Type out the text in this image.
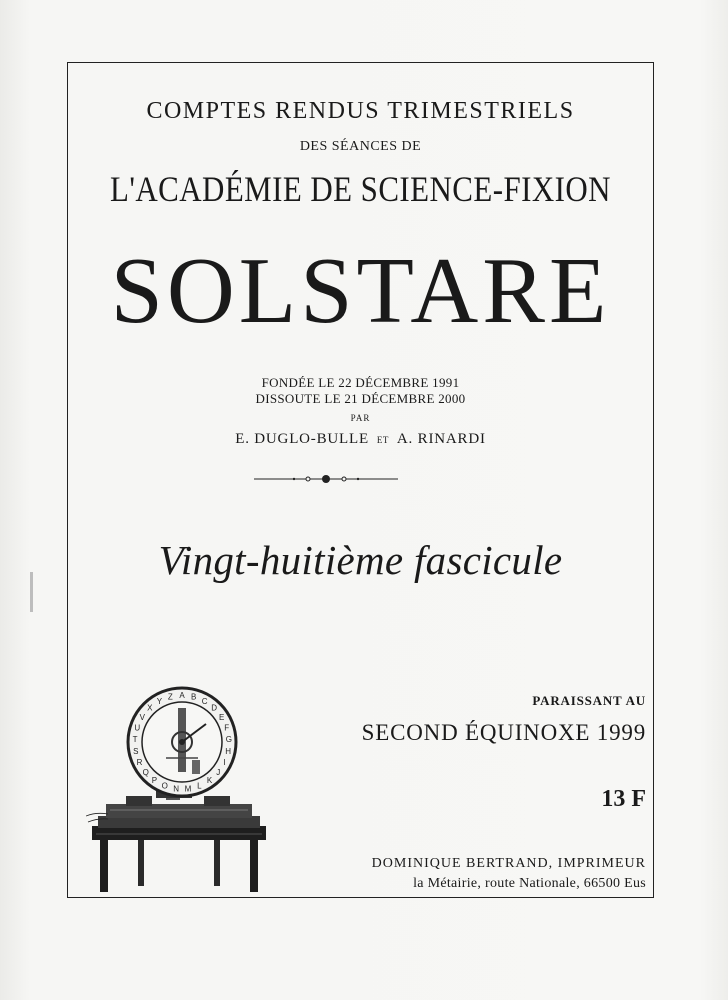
COMPTES RENDUS TRIMESTRIELS
DES SÉANCES DE
L'ACADÉMIE DE SCIENCE-FIXION
SOLSTARE
FONDÉE LE 22 DÉCEMBRE 1991
DISSOUTE LE 21 DÉCEMBRE 2000
PAR
E. DUGLO-BULLE ET A. RINARDI
Vingt-huitième fascicule
PARAISSANT AU
SECOND ÉQUINOXE 1999
13 F
DOMINIQUE BERTRAND, IMPRIMEUR
la Métairie, route Nationale, 66500 Eus
A B C
D
E
F
G
H
I
J
K
L
M
N
O
P
Q
R
S
T
U
V
X
Y Z
